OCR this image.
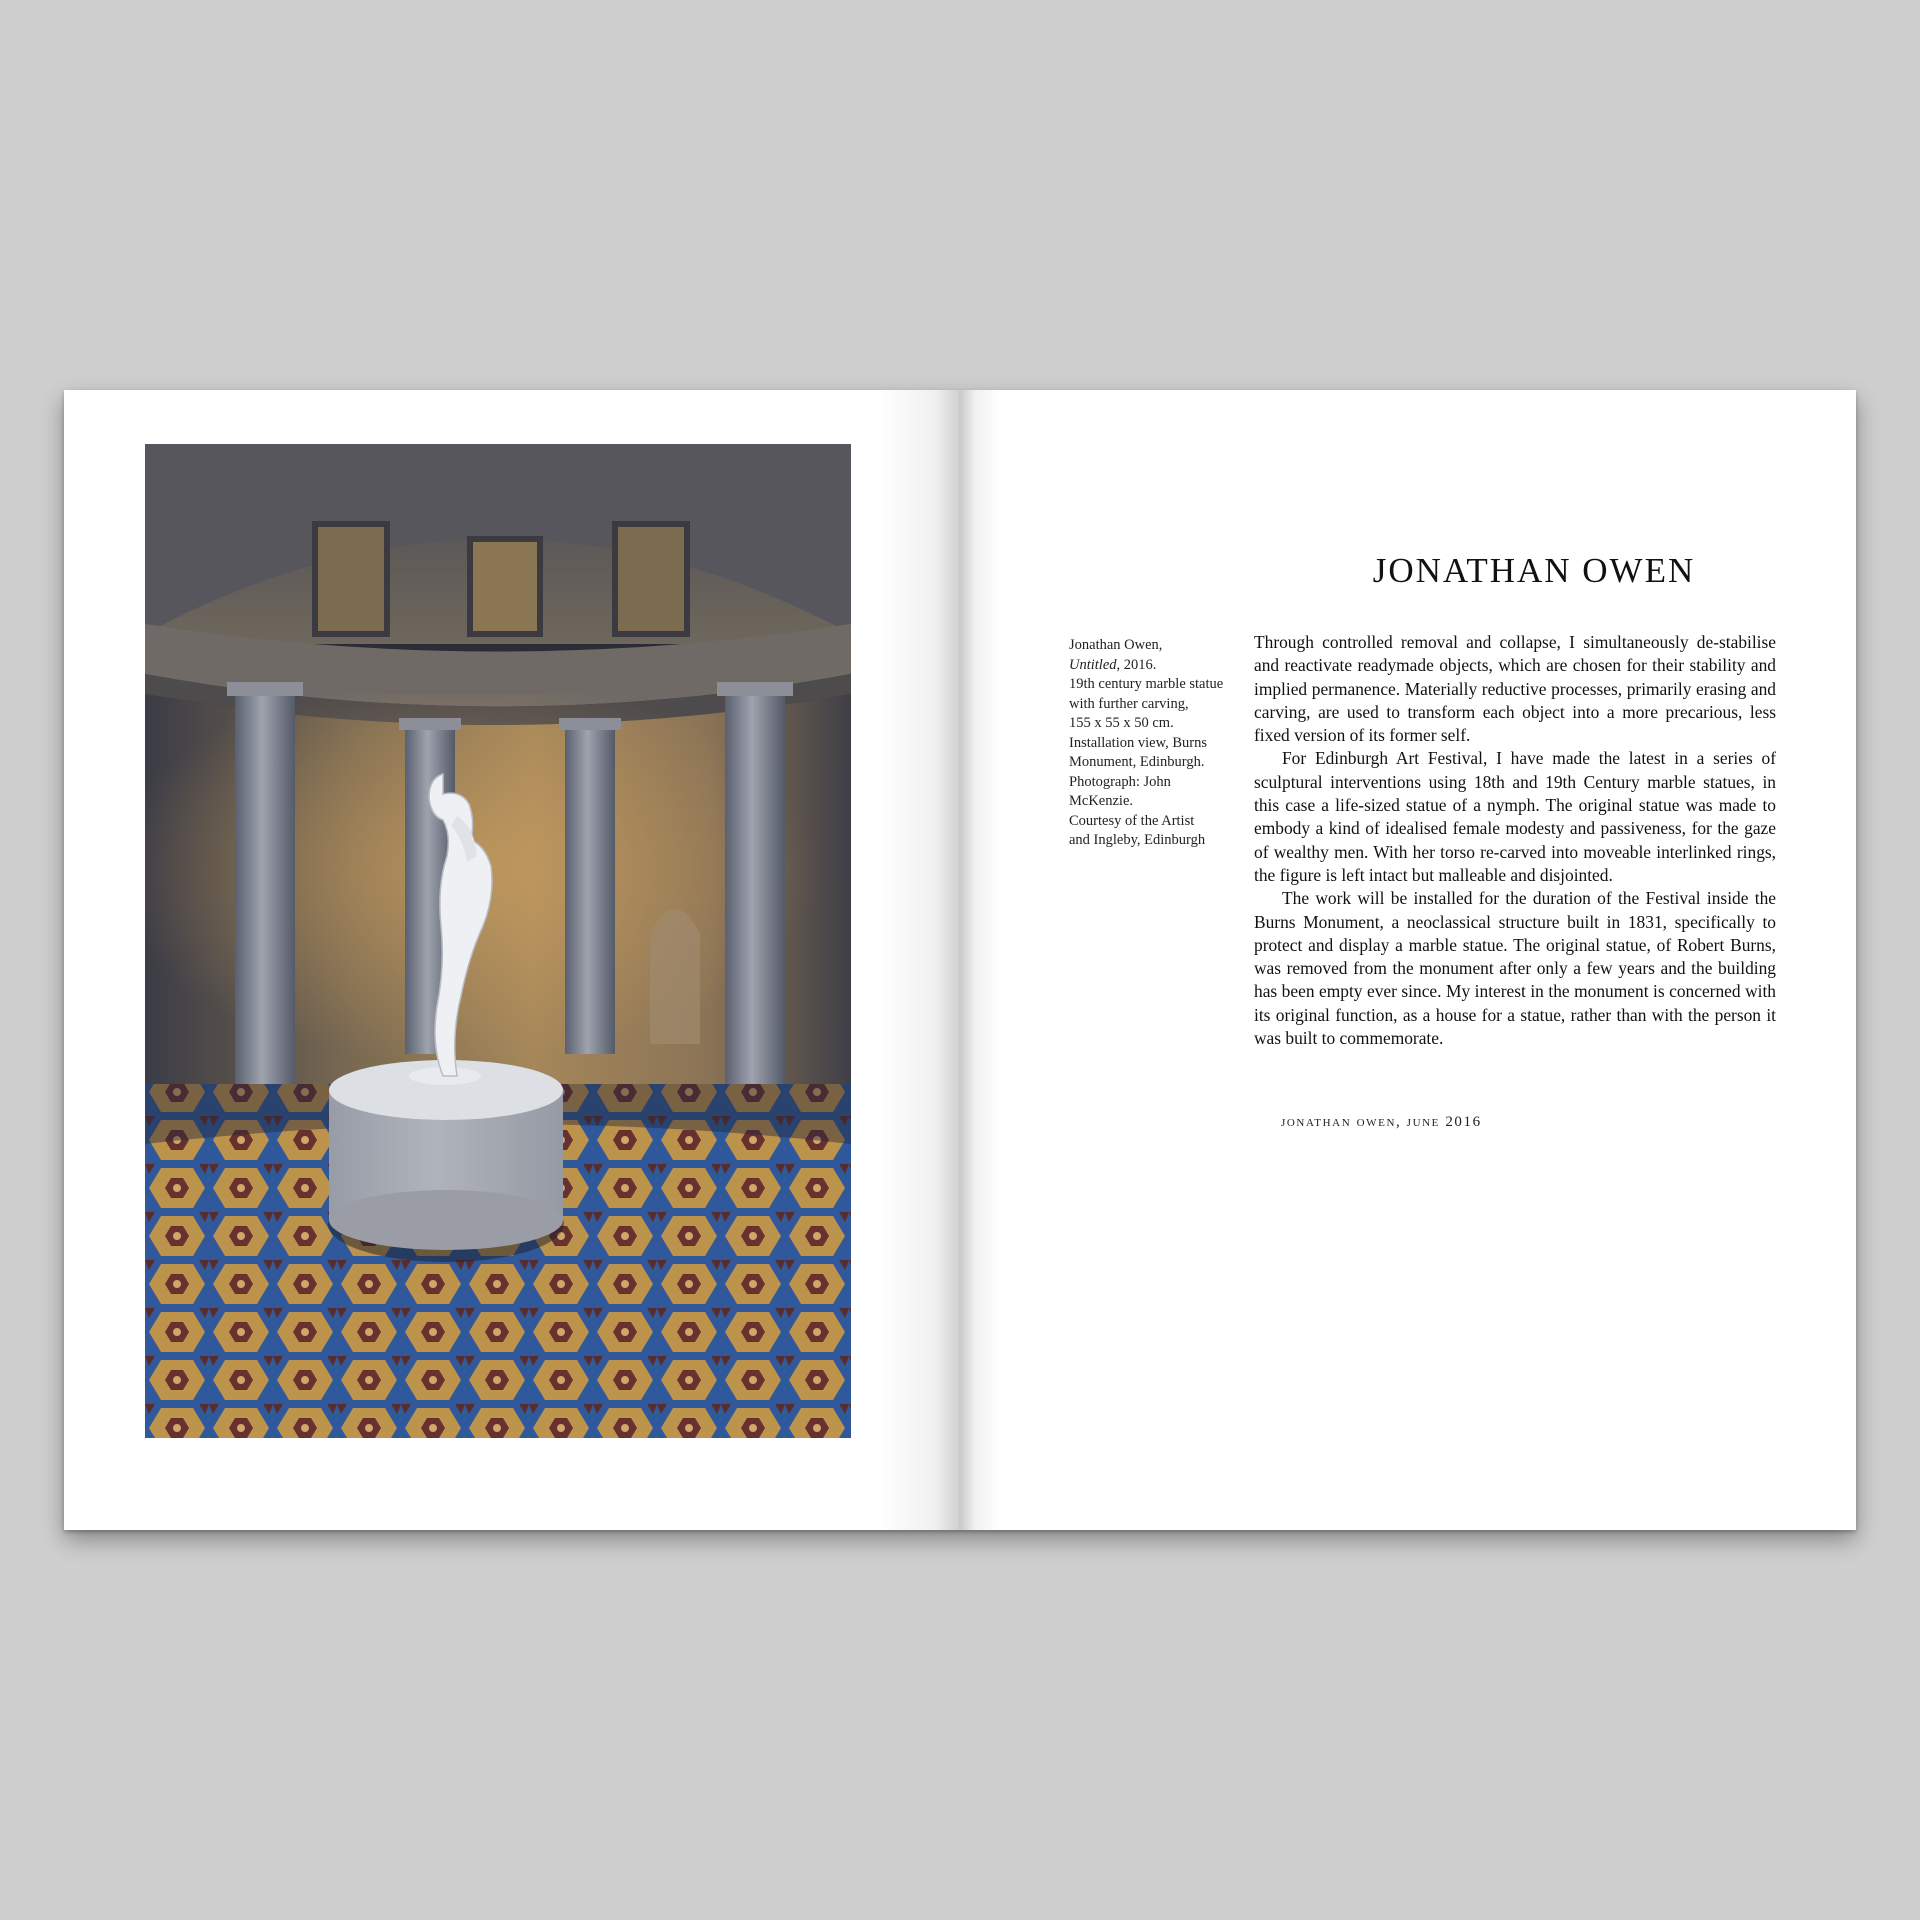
JONATHAN OWEN
Jonathan Owen,
Untitled, 2016.
19th century marble statue
with further carving,
155 x 55 x 50 cm.
Installation view, Burns
Monument, Edinburgh.
Photograph: John
McKenzie.
Courtesy of the Artist
and Ingleby, Edinburgh

Through controlled removal and collapse, I simultaneously de-stabilise and reactivate readymade objects, which are chosen for their stability and implied permanence. Materially reductive processes, primarily erasing and carving, are used to transform each object into a more precarious, less fixed version of its former self.

For Edinburgh Art Festival, I have made the latest in a series of sculptural interventions using 18th and 19th Century marble statues, in this case a life-sized statue of a nymph. The original statue was made to embody a kind of idealised female modesty and passiveness, for the gaze of wealthy men. With her torso re-carved into moveable interlinked rings, the figure is left intact but malleable and disjointed.

The work will be installed for the duration of the Festival inside the Burns Monument, a neoclassical structure built in 1831, specifically to protect and display a marble statue. The original statue, of Robert Burns, was removed from the monument after only a few years and the building has been empty ever since. My interest in the monument is concerned with its original function, as a house for a statue, rather than with the person it was built to commemorate.

jonathan owen, june 2016
